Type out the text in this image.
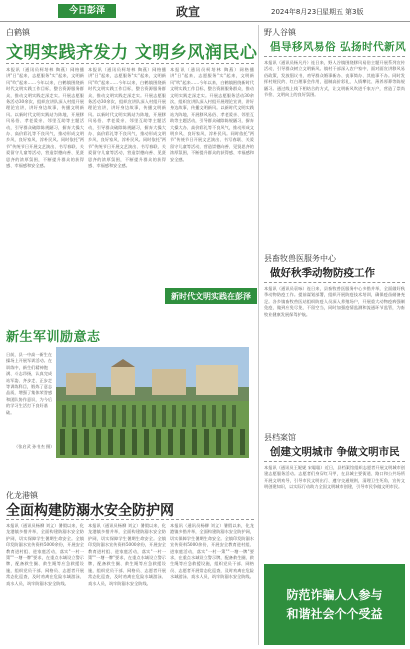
今日彭泽	政宣	2024年8月23日
星期五 第3版
白鹤镇
文明实践齐发力 文明乡风润民心
本报讯（通讯员柯培林 陶燕）网格播讲"日"起来，志愿服务"实"起来，文明新风"吹"起来……今年以来，白鹤镇围绕新时代文明实践工作目标，整合资源服务群众，推动文明实践走深走实。开展志愿服务活动30余次，组织宣讲队深入村组开展理论宣讲，讲好身边故事，传播文明新风。以新时代文明实践站为阵地，开展移风易俗、孝老爱亲、邻里互助等主题活动，引导群众破除陈规陋习，摒弃大操大办、高价彩礼等不良风气，推动形成文明乡风、良好家风、淳朴民风。同时依托"两节"传统节日开展文艺演出、书写春联、关爱留守儿童等活动，营造崇德向善、见贤思齐的浓厚氛围，不断提升群众的获得感、幸福感和安全感。
本报讯（通讯员柯培林 陶燕）网格播讲"日"起来，志愿服务"实"起来，文明新风"吹"起来……今年以来，白鹤镇围绕新时代文明实践工作目标，整合资源服务群众，推动文明实践走深走实。开展志愿服务活动30余次，组织宣讲队深入村组开展理论宣讲，讲好身边故事，传播文明新风。以新时代文明实践站为阵地，开展移风易俗、孝老爱亲、邻里互助等主题活动，引导群众破除陈规陋习，摒弃大操大办、高价彩礼等不良风气，推动形成文明乡风、良好家风、淳朴民风。同时依托"两节"传统节日开展文艺演出、书写春联、关爱留守儿童等活动，营造崇德向善、见贤思齐的浓厚氛围，不断提升群众的获得感、幸福感和安全感。
本报讯（通讯员柯培林 陶燕）网格播讲"日"起来，志愿服务"实"起来，文明新风"吹"起来……今年以来，白鹤镇围绕新时代文明实践工作目标，整合资源服务群众，推动文明实践走深走实。开展志愿服务活动30余次，组织宣讲队深入村组开展理论宣讲，讲好身边故事，传播文明新风。以新时代文明实践站为阵地，开展移风易俗、孝老爱亲、邻里互助等主题活动，引导群众破除陈规陋习，摒弃大操大办、高价彩礼等不良风气，推动形成文明乡风、良好家风、淳朴民风。同时依托"两节"传统节日开展文艺演出、书写春联、关爱留守儿童等活动，营造崇德向善、见贤思齐的浓厚氛围，不断提升群众的获得感、幸福感和安全感。
新时代文明实践在彭泽
新生军训励意志
日前，县一中高一新生在操场上开展军训活动。在训练中，新生们精神饱满、斗志昂扬，认真完成站军姿、齐步走、正步走等训练科目，锻炼了意志品质，增强了集体荣誉感和团队协作意识，为今后的学习生活打下良好基础。
（张启武 孙书杰 摄）
化龙港镇
全面构建防溺水安全防护网
本报讯（通讯员杨柳 刘义）暑假以来，化龙港镇多措并举，全面构建防溺水安全防护网，切实保障学生暑期生命安全。全镇印发防溺水宣传资料5000余份，开展安全教育进村组、进家庭活动，落实"一村一策""一塘一牌"要求，在重点水域设立警示牌，配备救生圈、救生绳等应急救援设施，组织党员干部、网格员、志愿者开展常态化巡查，及时劝离在危险水域游泳、戏水人员，筑牢防溺水安全防线。
本报讯（通讯员杨柳 刘义）暑假以来，化龙港镇多措并举，全面构建防溺水安全防护网，切实保障学生暑期生命安全。全镇印发防溺水宣传资料5000余份，开展安全教育进村组、进家庭活动，落实"一村一策""一塘一牌"要求，在重点水域设立警示牌，配备救生圈、救生绳等应急救援设施，组织党员干部、网格员、志愿者开展常态化巡查，及时劝离在危险水域游泳、戏水人员，筑牢防溺水安全防线。
本报讯（通讯员杨柳 刘义）暑假以来，化龙港镇多措并举，全面构建防溺水安全防护网，切实保障学生暑期生命安全。全镇印发防溺水宣传资料5000余份，开展安全教育进村组、进家庭活动，落实"一村一策""一塘一牌"要求，在重点水域设立警示牌，配备救生圈、救生绳等应急救援设施，组织党员干部、网格员、志愿者开展常态化巡查，及时劝离在危险水域游泳、戏水人员，筑牢防溺水安全防线。
野人谷镇
倡导移风易俗 弘扬时代新风
本报讯（通讯员杨凡丹）连日来，野人谷镇围绕移风易俗主题开展系列宣传活动，引导群众树立文明新风。镇村干部深入农户家中，面对面宣讲移风易俗政策，发放倡议书，劝导群众婚事新办、丧事简办、其他事不办。同时发挥村规民约、红白理事会作用，遏制高价彩礼、人情攀比、薄养厚葬等陈规陋习。通过线上线下相结合的方式，让文明新风吹进千家万户，营造了崇尚节俭、文明向上的良好氛围。
县畜牧兽医服务中心
做好秋季动物防疫工作
本报讯（通讯员袁咏）连日来，县畜牧兽医服务中心多措并举，全面做好秋季动物防疫工作。提前谋划部署，组织开展防疫技术培训，确保疫苗储备充足。各乡镇畜牧兽医站组织防疫人员深入养殖场户，开展重大动物疫病强制免疫，做到应免尽免、不留空当，同时加强疫情监测和流通环节监管，为畜牧业健康发展保驾护航。
县档案馆
创建文明城市 争做文明市民
本报讯（通讯员王妮妮 宋聪聪）近日，县档案馆组织志愿者开展文明城市创建志愿服务活动。志愿者们身穿红马甲，在县城主要街道、路口和公共场所开展文明劝导，引导市民文明出行、遵守交通规则，清理卫生死角，宣传文明创建知识，以实际行动助力全国文明城市创建，引导市民争做文明市民。
防范诈骗人人参与
和谐社会个个受益
